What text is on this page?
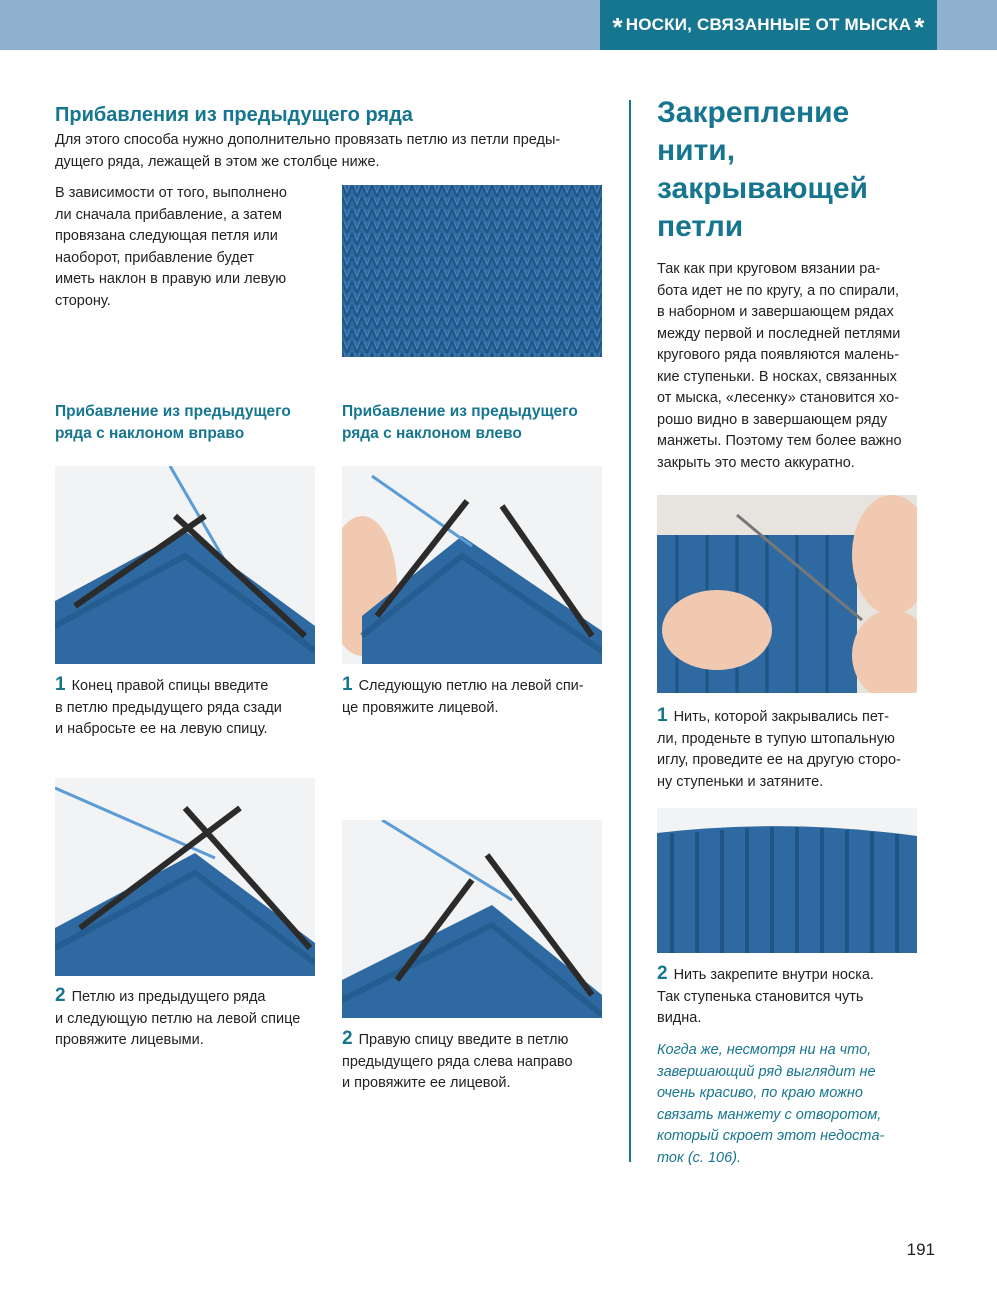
* НОСКИ, СВЯЗАННЫЕ ОТ МЫСКА *
Прибавления из предыдущего ряда

Для этого способа нужно дополнительно провязать петлю из петли преды-
дущего ряда, лежащей в этом же столбце ниже.

В зависимости от того, выполнено
ли сначала прибавление, а затем
провязана следующая петля или
наоборот, прибавление будет
иметь наклон в правую или левую
сторону.

Прибавление из предыдущего
ряда с наклоном вправо

1 Конец правой спицы введите
в петлю предыдущего ряда сзади
и набросьте ее на левую спицу.

2 Петлю из предыдущего ряда
и следующую петлю на левой спице
провяжите лицевыми.

Прибавление из предыдущего
ряда с наклоном влево

1 Следующую петлю на левой спи-
це провяжите лицевой.

2 Правую спицу введите в петлю
предыдущего ряда слева направо
и провяжите ее лицевой.

Закрепление
нити,
закрывающей
петли

Так как при круговом вязании ра-
бота идет не по кругу, а по спирали,
в наборном и завершающем рядах
между первой и последней петлями
кругового ряда появляются малень-
кие ступеньки. В носках, связанных
от мыска, «лесенку» становится хо-
рошо видно в завершающем ряду
манжеты. Поэтому тем более важно
закрыть это место аккуратно.

1 Нить, которой закрывались пет-
ли, проденьте в тупую штопальную
иглу, проведите ее на другую сторо-
ну ступеньки и затяните.

2 Нить закрепите внутри носка.
Так ступенька становится чуть
видна.

Когда же, несмотря ни на что,
завершающий ряд выглядит не
очень красиво, по краю можно
связать манжету с отворотом,
который скроет этот недостa-
ток (с. 106).

191
